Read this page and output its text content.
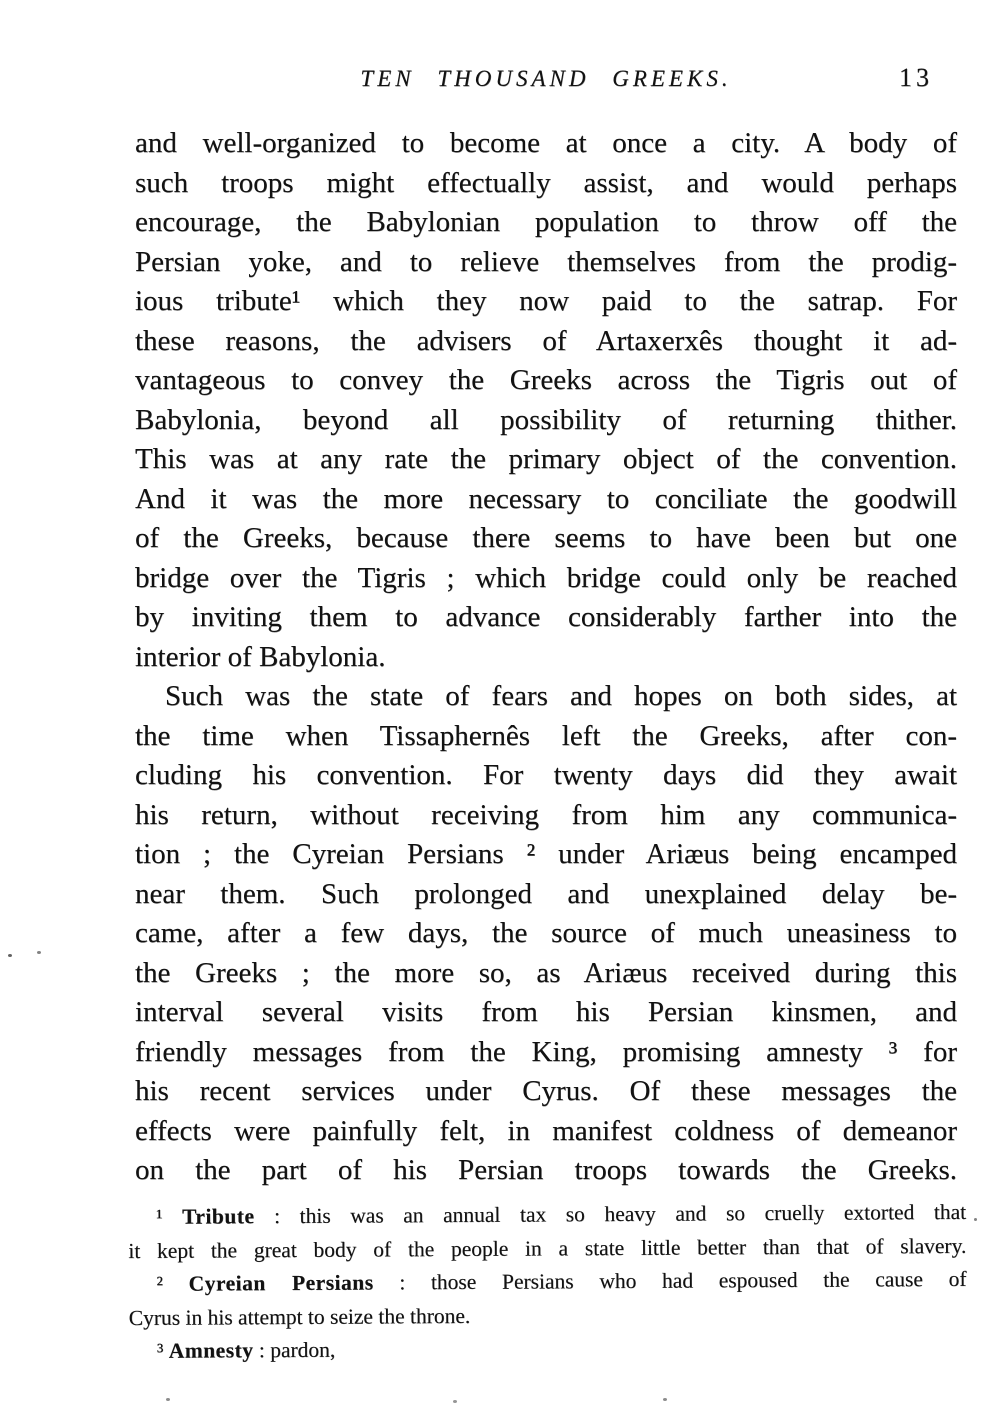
TEN THOUSAND GREEKS.	13
and well-organized to become at once a city. A body of
such troops might effectually assist, and would perhaps
encourage, the Babylonian population to throw off the
Persian yoke, and to relieve themselves from the prodig-
ious tribute¹ which they now paid to the satrap. For
these reasons, the advisers of Artaxerxês thought it ad-
vantageous to convey the Greeks across the Tigris out of
Babylonia, beyond all possibility of returning thither.
This was at any rate the primary object of the convention.
And it was the more necessary to conciliate the goodwill
of the Greeks, because there seems to have been but one
bridge over the Tigris ; which bridge could only be reached
by inviting them to advance considerably farther into the
interior of Babylonia.
Such was the state of fears and hopes on both sides, at
the time when Tissaphernês left the Greeks, after con-
cluding his convention. For twenty days did they await
his return, without receiving from him any communica-
tion ; the Cyreian Persians ² under Ariæus being encamped
near them. Such prolonged and unexplained delay be-
came, after a few days, the source of much uneasiness to
the Greeks ; the more so, as Ariæus received during this
interval several visits from his Persian kinsmen, and
friendly messages from the King, promising amnesty ³ for
his recent services under Cyrus. Of these messages the
effects were painfully felt, in manifest coldness of demeanor
on the part of his Persian troops towards the Greeks.
¹ Tribute : this was an annual tax so heavy and so cruelly extorted that
it kept the great body of the people in a state little better than that of slavery.
² Cyreian Persians : those Persians who had espoused the cause of
Cyrus in his attempt to seize the throne.
³ Amnesty : pardon,
